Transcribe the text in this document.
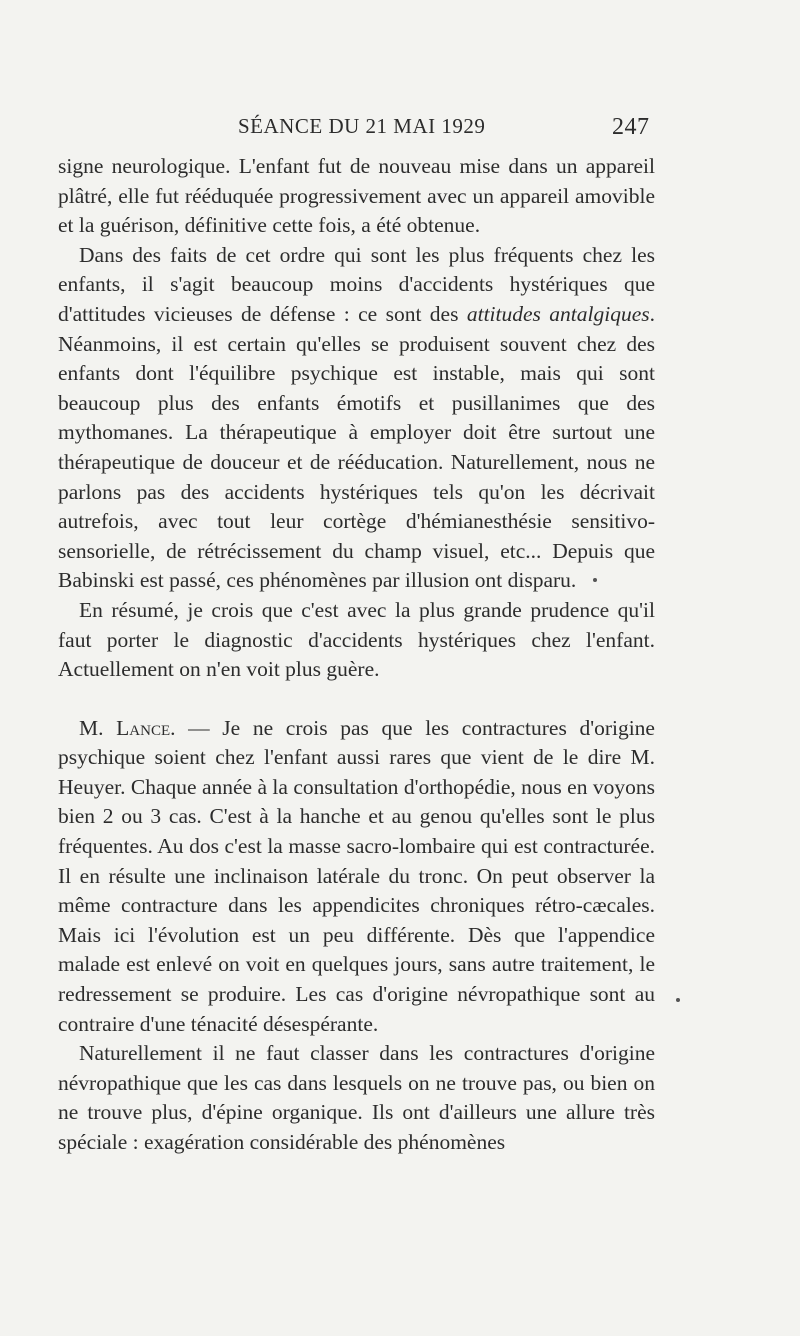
SÉANCE DU 21 MAI 1929	247

signe neurologique. L'enfant fut de nouveau mise dans un appareil plâtré, elle fut rééduquée progressivement avec un appareil amovible et la guérison, définitive cette fois, a été obtenue.

Dans des faits de cet ordre qui sont les plus fréquents chez les enfants, il s'agit beaucoup moins d'accidents hystériques que d'attitudes vicieuses de défense : ce sont des attitudes antalgiques. Néanmoins, il est certain qu'elles se produisent souvent chez des enfants dont l'équilibre psychique est instable, mais qui sont beaucoup plus des enfants émotifs et pusillanimes que des mythomanes. La thérapeutique à employer doit être surtout une thérapeutique de douceur et de rééducation. Naturellement, nous ne parlons pas des accidents hystériques tels qu'on les décrivait autrefois, avec tout leur cortège d'hémianesthésie sensitivo-sensorielle, de rétrécissement du champ visuel, etc... Depuis que Babinski est passé, ces phénomènes par illusion ont disparu.

En résumé, je crois que c'est avec la plus grande prudence qu'il faut porter le diagnostic d'accidents hystériques chez l'enfant. Actuellement on n'en voit plus guère.

M. Lance. — Je ne crois pas que les contractures d'origine psychique soient chez l'enfant aussi rares que vient de le dire M. Heuyer. Chaque année à la consultation d'orthopédie, nous en voyons bien 2 ou 3 cas. C'est à la hanche et au genou qu'elles sont le plus fréquentes. Au dos c'est la masse sacro-lombaire qui est contracturée. Il en résulte une inclinaison latérale du tronc. On peut observer la même contracture dans les appendicites chroniques rétro-cæcales. Mais ici l'évolution est un peu différente. Dès que l'appendice malade est enlevé on voit en quelques jours, sans autre traitement, le redressement se produire. Les cas d'origine névropathique sont au contraire d'une ténacité désespérante.

Naturellement il ne faut classer dans les contractures d'origine névropathique que les cas dans lesquels on ne trouve pas, ou bien on ne trouve plus, d'épine organique. Ils ont d'ailleurs une allure très spéciale : exagération considérable des phénomènes
